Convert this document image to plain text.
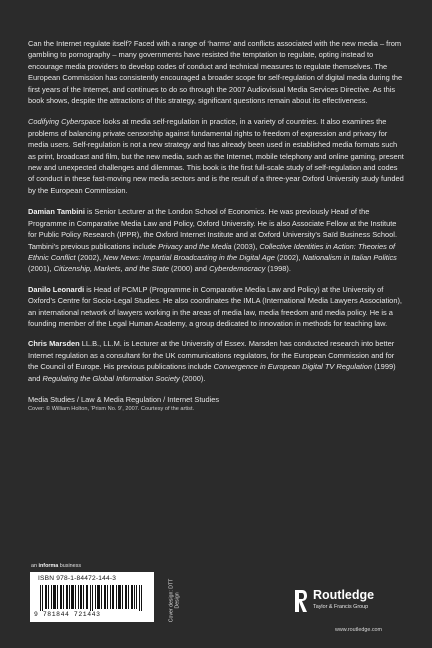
Can the Internet regulate itself? Faced with a range of ‘harms’ and conflicts associated with the new media – from gambling to pornography – many governments have resisted the temptation to regulate, opting instead to encourage media providers to develop codes of conduct and technical measures to regulate themselves. The European Commission has consistently encouraged a broader scope for self-regulation of digital media during the first years of the Internet, and continues to do so through the 2007 Audiovisual Media Services Directive. As this book shows, despite the attractions of this strategy, significant questions remain about its effectiveness.

Codifying Cyberspace looks at media self-regulation in practice, in a variety of countries. It also examines the problems of balancing private censorship against fundamental rights to freedom of expression and privacy for media users. Self-regulation is not a new strategy and has already been used in established media formats such as print, broadcast and film, but the new media, such as the Internet, mobile telephony and online gaming, present new and unexpected challenges and dilemmas. This book is the first full-scale study of self-regulation and codes of conduct in these fast-moving new media sectors and is the result of a three-year Oxford University study funded by the European Commission.

Damian Tambini is Senior Lecturer at the London School of Economics. He was previously Head of the Programme in Comparative Media Law and Policy, Oxford University. He is also Associate Fellow at the Institute for Public Policy Research (IPPR), the Oxford Internet Institute and at Oxford University’s Saïd Business School. Tambini’s previous publications include Privacy and the Media (2003), Collective Identities in Action: Theories of Ethnic Conflict (2002), New News: Impartial Broadcasting in the Digital Age (2002), Nationalism in Italian Politics (2001), Citizenship, Markets, and the State (2000) and Cyberdemocracy (1998).

Danilo Leonardi is Head of PCMLP (Programme in Comparative Media Law and Policy) at the University of Oxford’s Centre for Socio-Legal Studies. He also coordinates the IMLA (International Media Lawyers Association), an international network of lawyers working in the areas of media law, media freedom and media policy. He is a founding member of the Legal Human Academy, a group dedicated to innovation in methods for teaching law.

Chris Marsden LL.B., LL.M. is Lecturer at the University of Essex. Marsden has conducted research into better Internet regulation as a consultant for the UK communications regulators, for the European Commission and for the Council of Europe. His previous publications include Convergence in European Digital TV Regulation (1999) and Regulating the Global Information Society (2000).

Media Studies / Law & Media Regulation / Internet Studies
Cover: © William Holton, ‘Prism No. 9’, 2007. Courtesy of the artist.
an informa business
ISBN 978-1-84472-144-3
9 781844 721443	Cover design: DTT Design	Routledge
Taylor & Francis Group
www.routledge.com
